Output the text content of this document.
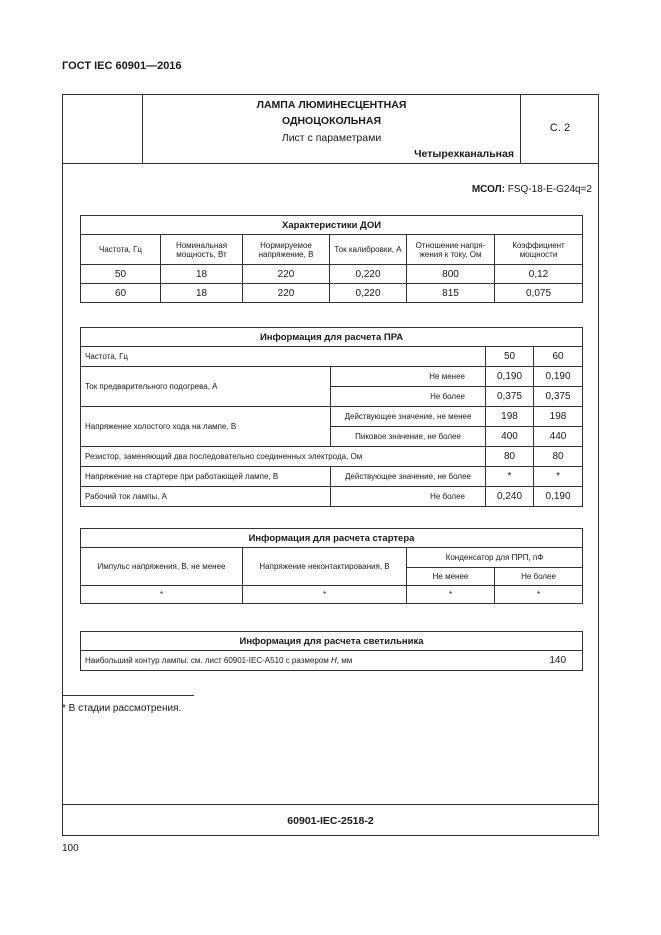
ГОСТ IEC 60901—2016
ЛАМПА ЛЮМИНЕСЦЕНТНАЯ
ОДНОЦОКОЛЬНАЯ
Лист с параметрами
Четырехканальная
С. 2
МСОЛ: FSQ-18-E-G24q=2
Характеристики ДОИ					
Частота, Гц	Номинальная мощность, Вт	Нормируемое напряжение, В	Ток калибровки, А	Отношение напря-жения к току, Ом	Коэффициент мощности
50	18	220	0,220	800	0,12
60	18	220	0,220	815	0,075
Информация для расчета ПРА			
Частота, Гц		50	60
Ток предварительного подогрева, А	Не менее	0,190	0,190
	Не более	0,375	0,375
Напряжение холостого хода на лампе, В	Действующее значение, не менее	198	198
	Пиковое значение, не более	400	440
Резистор, заменяющий два последовательно соединенных электрода, Ом		80	80
Напряжение на стартере при работающей лампе, В	Действующее значение, не более	*	*
Рабочий ток лампы, А	Не более	0,240	0,190
Информация для расчета стартера			
Импульс напряжения, В, не менее	Напряжение неконтактирования, В	Конденсатор для ПРП, пФ	
		Не менее	Не более
*	*	*	*
Информация для расчета светильника
Наибольший контур лампы: см. лист 60901-IEC-A510 с размером H, мм	140
* В стадии рассмотрения.
60901-IEC-2518-2
100
